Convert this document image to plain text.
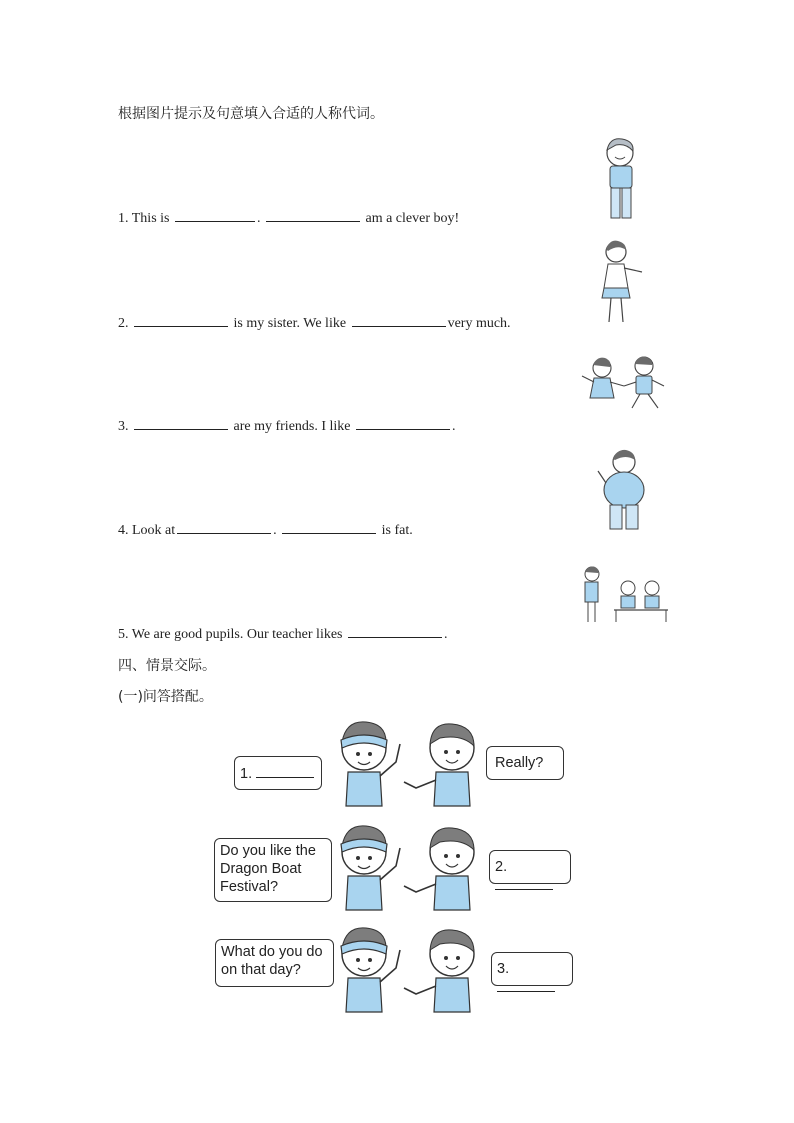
根据图片提示及句意填入合适的人称代词。
1. This is	.	am a clever boy!
2.	is my sister. We like	very much.
3.	are my friends. I like	.
4. Look at	.	is fat.
5. We are good pupils. Our teacher likes	.
四、情景交际。
(一)问答搭配。
1.
Really?
Do you like the
Dragon Boat
Festival?
2.
What do you do
on that day?	3.
